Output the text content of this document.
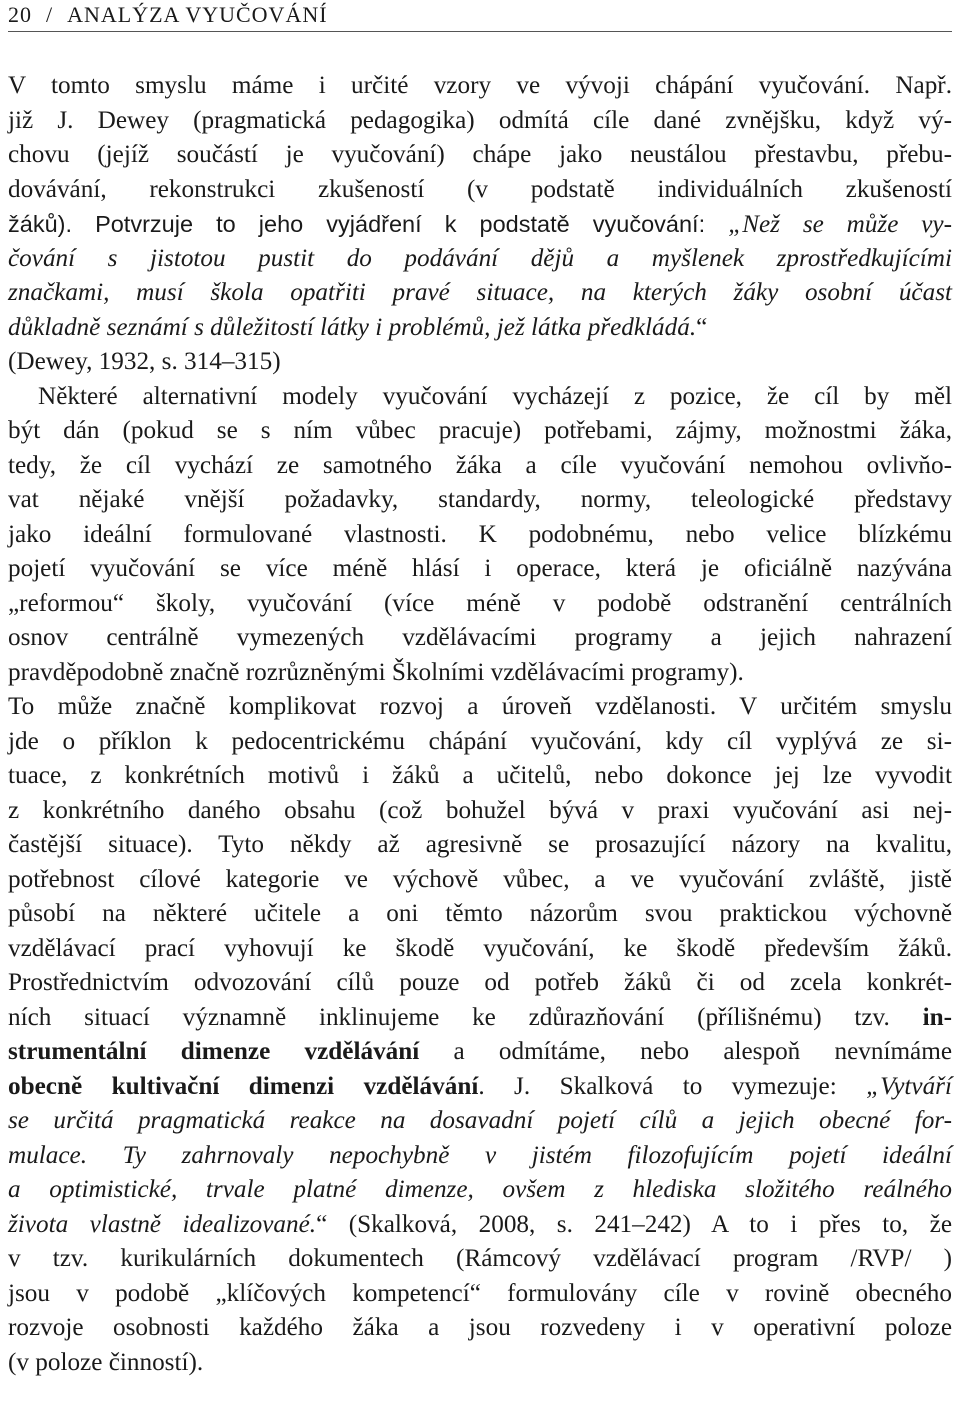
20 / ANALÝZA VYUČOVÁNÍ
V tomto smyslu máme i určité vzory ve vývoji chápání vyučování. Např.
již J. Dewey (pragmatická pedagogika) odmítá cíle dané zvnějšku, když vý-
chovu (jejíž součástí je vyučování) chápe jako neustálou přestavbu, přebu-
dovávání, rekonstrukci zkušeností (v podstatě individuálních zkušeností
žáků). Potvrzuje to jeho vyjádření k podstatě vyučování: „Než se může vy-
čování s jistotou pustit do podávání dějů a myšlenek zprostředkujícími
značkami, musí škola opatřiti pravé situace, na kterých žáky osobní účast
důkladně seznámí s důležitostí látky i problémů, jež látka předkládá.“
(Dewey, 1932, s. 314–315)
Některé alternativní modely vyučování vycházejí z pozice, že cíl by měl
být dán (pokud se s ním vůbec pracuje) potřebami, zájmy, možnostmi žáka,
tedy, že cíl vychází ze samotného žáka a cíle vyučování nemohou ovlivňo-
vat nějaké vnější požadavky, standardy, normy, teleologické představy
jako ideální formulované vlastnosti. K podobnému, nebo velice blízkému
pojetí vyučování se více méně hlásí i operace, která je oficiálně nazývána
„reformou“ školy, vyučování (více méně v podobě odstranění centrálních
osnov centrálně vymezených vzdělávacími programy a jejich nahrazení
pravděpodobně značně rozrůzněnými Školními vzdělávacími programy).
To může značně komplikovat rozvoj a úroveň vzdělanosti. V určitém smyslu
jde o příklon k pedocentrickému chápání vyučování, kdy cíl vyplývá ze si-
tuace, z konkrétních motivů i žáků a učitelů, nebo dokonce jej lze vyvodit
z konkrétního daného obsahu (což bohužel bývá v praxi vyučování asi nej-
častější situace). Tyto někdy až agresivně se prosazující názory na kvalitu,
potřebnost cílové kategorie ve výchově vůbec, a ve vyučování zvláště, jistě
působí na některé učitele a oni těmto názorům svou praktickou výchovně
vzdělávací prací vyhovují ke škodě vyučování, ke škodě především žáků.
Prostřednictvím odvozování cílů pouze od potřeb žáků či od zcela konkrét-
ních situací významně inklinujeme ke zdůrazňování (přílišnému) tzv. in-
strumentální dimenze vzdělávání a odmítáme, nebo alespoň nevnímáme
obecně kultivační dimenzi vzdělávání. J. Skalková to vymezuje: „Vytváří
se určitá pragmatická reakce na dosavadní pojetí cílů a jejich obecné for-
mulace. Ty zahrnovaly nepochybně v jistém filozofujícím pojetí ideální
a optimistické, trvale platné dimenze, ovšem z hlediska složitého reálného
života vlastně idealizované.“ (Skalková, 2008, s. 241–242) A to i přes to, že
v tzv. kurikulárních dokumentech (Rámcový vzdělávací program /RVP/ )
jsou v podobě „klíčových kompetencí“ formulovány cíle v rovině obecného
rozvoje osobnosti každého žáka a jsou rozvedeny i v operativní poloze
(v poloze činností).
